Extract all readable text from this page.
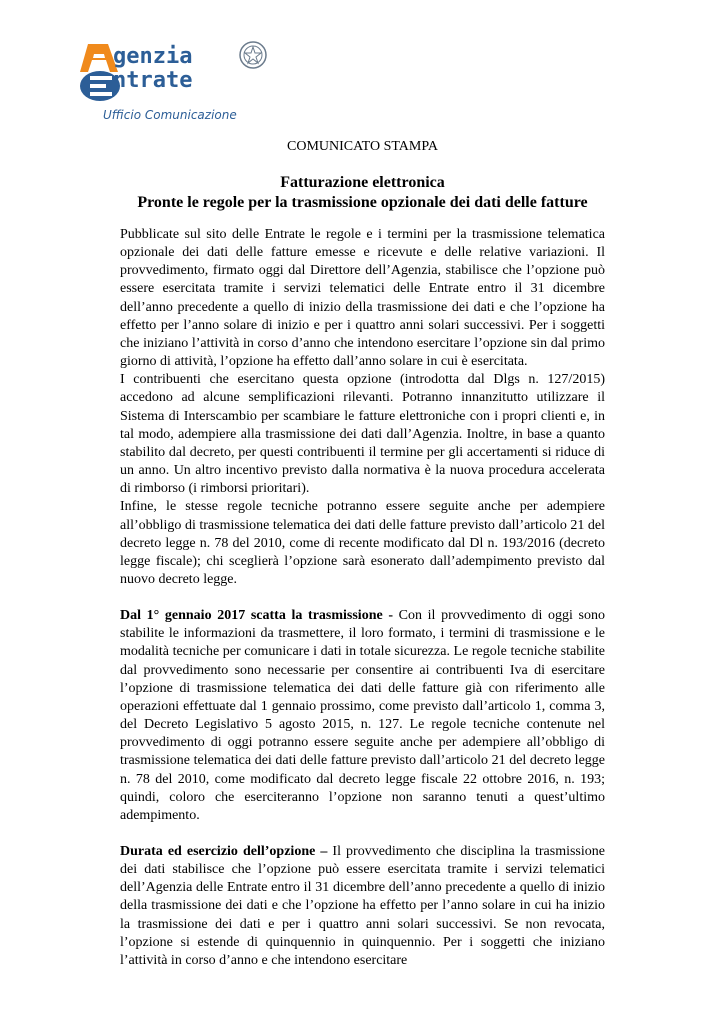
A
E
genzia
ntrate
Ufficio Comunicazione
COMUNICATO STAMPA
Fatturazione elettronica
Pronte le regole per la trasmissione opzionale dei dati delle fatture

Pubblicate sul sito delle Entrate le regole e i termini per la trasmissione telematica opzionale dei dati delle fatture emesse e ricevute e delle relative variazioni. Il provvedimento, firmato oggi dal Direttore dell’Agenzia, stabilisce che l’opzione può essere esercitata tramite i servizi telematici delle Entrate entro il 31 dicembre dell’anno precedente a quello di inizio della trasmissione dei dati e che l’opzione ha effetto per l’anno solare di inizio e per i quattro anni solari successivi. Per i soggetti che iniziano l’attività in corso d’anno che intendono esercitare l’opzione sin dal primo giorno di attività, l’opzione ha effetto dall’anno solare in cui è esercitata.

I contribuenti che esercitano questa opzione (introdotta dal Dlgs n. 127/2015) accedono ad alcune semplificazioni rilevanti. Potranno innanzitutto utilizzare il Sistema di Interscambio per scambiare le fatture elettroniche con i propri clienti e, in tal modo, adempiere alla trasmissione dei dati dall’Agenzia. Inoltre, in base a quanto stabilito dal decreto, per questi contribuenti il termine per gli accertamenti si riduce di un anno. Un altro incentivo previsto dalla normativa è la nuova procedura accelerata di rimborso (i rimborsi prioritari).

Infine, le stesse regole tecniche potranno essere seguite anche per adempiere all’obbligo di trasmissione telematica dei dati delle fatture previsto dall’articolo 21 del decreto legge n. 78 del 2010, come di recente modificato dal Dl n. 193/2016 (decreto legge fiscale); chi sceglierà l’opzione sarà esonerato dall’adempimento previsto dal nuovo decreto legge.

Dal 1° gennaio 2017 scatta la trasmissione - Con il provvedimento di oggi sono stabilite le informazioni da trasmettere, il loro formato, i termini di trasmissione e le modalità tecniche per comunicare i dati in totale sicurezza. Le regole tecniche stabilite dal provvedimento sono necessarie per consentire ai contribuenti Iva di esercitare l’opzione di trasmissione telematica dei dati delle fatture già con riferimento alle operazioni effettuate dal 1 gennaio prossimo, come previsto dall’articolo 1, comma 3, del Decreto Legislativo 5 agosto 2015, n. 127. Le regole tecniche contenute nel provvedimento di oggi potranno essere seguite anche per adempiere all’obbligo di trasmissione telematica dei dati delle fatture previsto dall’articolo 21 del decreto legge n. 78 del 2010, come modificato dal decreto legge fiscale 22 ottobre 2016, n. 193; quindi, coloro che eserciteranno l’opzione non saranno tenuti a quest’ultimo adempimento.

Durata ed esercizio dell’opzione – Il provvedimento che disciplina la trasmissione dei dati stabilisce che l’opzione può essere esercitata tramite i servizi telematici dell’Agenzia delle Entrate entro il 31 dicembre dell’anno precedente a quello di inizio della trasmissione dei dati e che l’opzione ha effetto per l’anno solare in cui ha inizio la trasmissione dei dati e per i quattro anni solari successivi. Se non revocata, l’opzione si estende di quinquennio in quinquennio. Per i soggetti che iniziano l’attività in corso d’anno e che intendono esercitare
